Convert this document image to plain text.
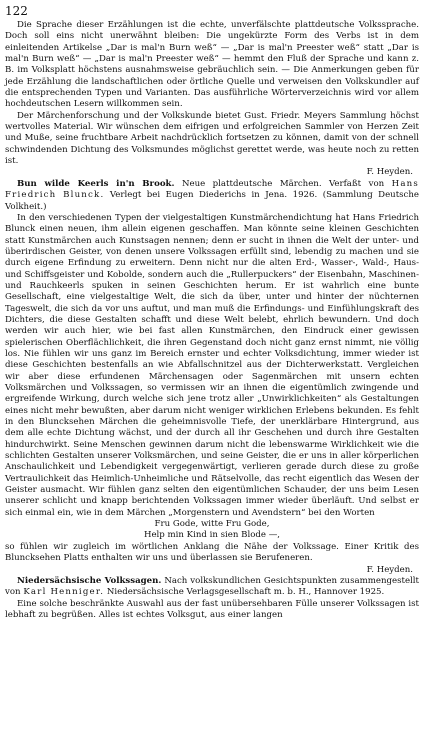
122

Die Sprache dieser Erzählungen ist die echte, unverfälschte plattdeutsche Volkssprache. Doch soll eins nicht unerwähnt bleiben: Die ungekürzte Form des Verbs ist in dem einleitenden Artikelse „Dar is mal'n Burn weß“ — „Dar is mal'n Preester weß“ statt „Dar is mal'n Burn weß“ — „Dar is mal'n Preester weß“ — hemmt den Fluß der Sprache und kann z. B. im Volksplatt höchstens ausnahmsweise gebräuchlich sein. — Die Anmerkungen geben für jede Erzählung die landschaftlichen oder örtliche Quelle und verweisen den Volkskundler auf die entsprechenden Typen und Varianten. Das ausführliche Wörterverzeichnis wird vor allem hochdeutschen Lesern willkommen sein.

Der Märchenforschung und der Volkskunde bietet Gust. Friedr. Meyers Sammlung höchst wertvolles Material. Wir wünschen dem eifrigen und erfolgreichen Sammler von Herzen Zeit und Muße, seine fruchtbare Arbeit nachdrücklich fortsetzen zu können, damit von der schnell schwindenden Dichtung des Volksmundes möglichst gerettet werde, was heute noch zu retten ist.

F. Heyden.

Bun wilde Keerls in'n Brook. Neue plattdeutsche Märchen. Verfaßt von Hans Friedrich Blunck. Verlegt bei Eugen Diederichs in Jena. 1926. (Sammlung Deutsche Volkheit.)

In den verschiedenen Typen der vielgestaltigen Kunstmärchendichtung hat Hans Friedrich Blunck einen neuen, ihm allein eigenen geschaffen. Man könnte seine kleinen Geschichten statt Kunstmärchen auch Kunstsagen nennen; denn er sucht in ihnen die Welt der unter- und überirdischen Geister, von denen unsere Volkssagen erfüllt sind, lebendig zu machen und sie durch eigene Erfindung zu erweitern. Denn nicht nur die alten Erd-, Wasser-, Wald-, Haus- und Schiffsgeister und Kobolde, sondern auch die „Rullerpuckers“ der Eisenbahn, Maschinen- und Rauchkeerls spuken in seinen Geschichten herum. Er ist wahrlich eine bunte Gesellschaft, eine vielgestaltige Welt, die sich da über, unter und hinter der nüchternen Tageswelt, die sich da vor uns auftut, und man muß die Erfindungs- und Einfühlungskraft des Dichters, die diese Gestalten schafft und diese Welt belebt, ehrlich bewundern. Und doch werden wir auch hier, wie bei fast allen Kunstmärchen, den Eindruck einer gewissen spielerischen Oberflächlichkeit, die ihren Gegenstand doch nicht ganz ernst nimmt, nie völlig los. Nie fühlen wir uns ganz im Bereich ernster und echter Volksdichtung, immer wieder ist diese Geschichten bestenfalls an wie Abfallschnitzel aus der Dichterwerkstatt. Vergleichen wir aber diese erfundenen Märchensagen oder Sagenmärchen mit unsern echten Volksmärchen und Volkssagen, so vermissen wir an ihnen die eigentümlich zwingende und ergreifende Wirkung, durch welche sich jene trotz aller „Unwirklichkeiten“ als Gestaltungen eines nicht mehr bewußten, aber darum nicht weniger wirklichen Erlebens bekunden. Es fehlt in den Bluncksehen Märchen die geheimnisvolle Tiefe, der unerklärbare Hintergrund, aus dem alle echte Dichtung wächst, und der durch all ihr Geschehen und durch ihre Gestalten hindurchwirkt. Seine Menschen gewinnen darum nicht die lebenswarme Wirklichkeit wie die schlichten Gestalten unserer Volksmärchen, und seine Geister, die er uns in aller körperlichen Anschaulichkeit und Lebendigkeit vergegenwärtigt, verlieren gerade durch diese zu große Vertraulichkeit das Heimlich-Unheimliche und Rätselvolle, das recht eigentlich das Wesen der Geister ausmacht. Wir fühlen ganz selten den eigentümlichen Schauder, der uns beim Lesen unserer schlicht und knapp berichtenden Volkssagen immer wieder überläuft. Und selbst er sich einmal ein, wie in dem Märchen „Morgenstern und Avendstern“ bei den Worten

Fru Gode, witte Fru Gode,

Help min Kind in sien Blode —,

so fühlen wir zugleich im wörtlichen Anklang die Nähe der Volkssage. Einer Kritik des Bluncksehen Platts enthalten wir uns und überlassen sie Berufeneren.

F. Heyden.

Niedersächsische Volkssagen. Nach volkskundlichen Gesichtspunkten zusammengestellt von Karl Henniger. Niedersächsische Verlagsgesellschaft m. b. H., Hannover 1925.

Eine solche beschränkte Auswahl aus der fast unübersehbaren Fülle unserer Volkssagen ist lebhaft zu begrüßen. Alles ist echtes Volksgut, aus einer langen
